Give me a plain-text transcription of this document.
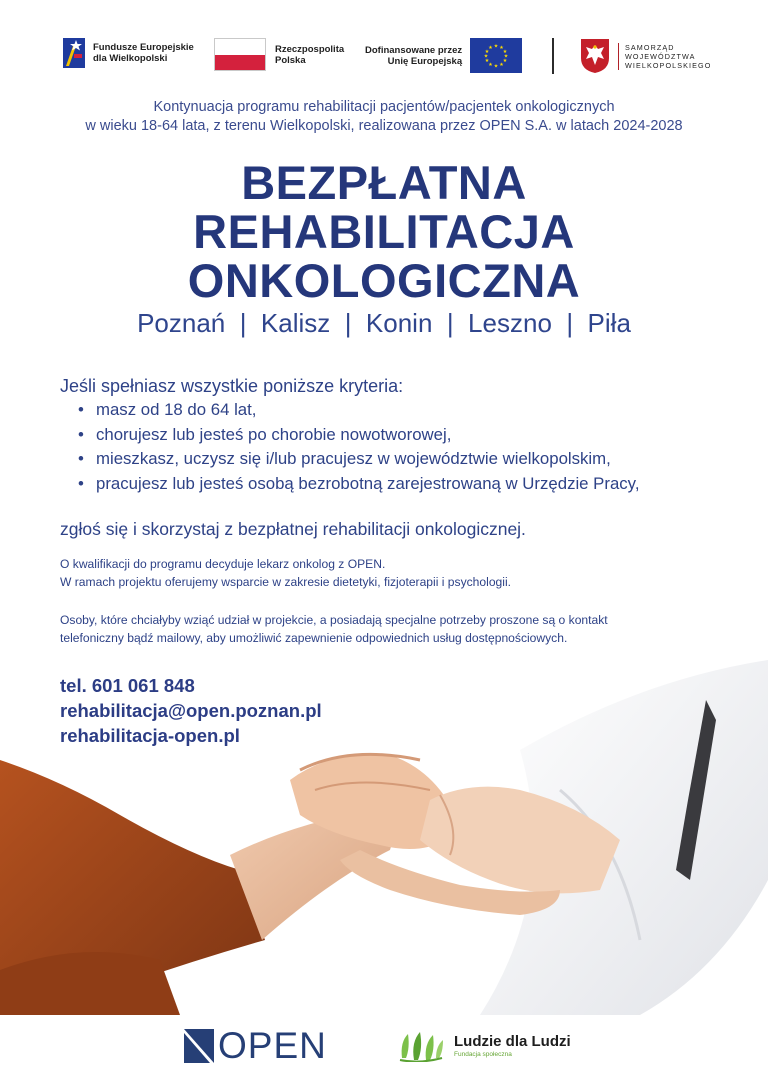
Fundusze Europejskie
dla Wielkopolski
Rzeczpospolita
Polska
Dofinansowane przez
Unię Europejską
★ ★
★
★
★
★
★
★
★
★
★
★	SAMORZĄD
WOJEWÓDZTWA
WIELKOPOLSKIEGO
Kontynuacja programu rehabilitacji pacjentów/pacjentek onkologicznych
w wieku 18-64 lata, z terenu Wielkopolski, realizowana przez OPEN S.A. w latach 2024-2028
BEZPŁATNA
REHABILITACJA
ONKOLOGICZNA
Poznań  |  Kalisz  |  Konin  |  Leszno  |  Piła

Jeśli spełniasz wszystkie poniższe kryteria:

• masz od 18 do 64 lat,
• chorujesz lub jesteś po chorobie nowotworowej,
• mieszkasz, uczysz się i/lub pracujesz w województwie wielkopolskim,
• pracujesz lub jesteś osobą bezrobotną zarejestrowaną w Urzędzie Pracy,

zgłoś się i skorzystaj z bezpłatnej rehabilitacji onkologicznej.

O kwalifikacji do programu decyduje lekarz onkolog z OPEN.
W ramach projektu oferujemy wsparcie w zakresie dietetyki, fizjoterapii i psychologii.
Osoby, które chciałyby wziąć udział w projekcie, a posiadają specjalne potrzeby proszone są o kontakt
telefoniczny bądź mailowy, aby umożliwić zapewnienie odpowiednich usług dostępnościowych.
tel. 601 061 848
rehabilitacja@open.poznan.pl
rehabilitacja-open.pl
OPEN	Ludzie dla Ludzi
Fundacja społeczna
